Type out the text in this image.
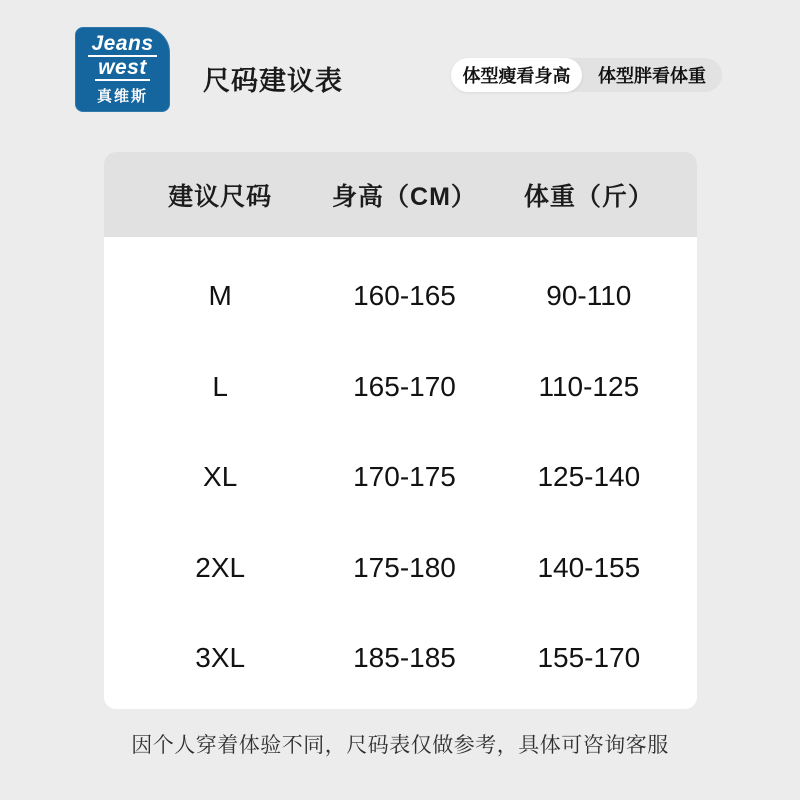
Jeans
west
真维斯
尺码建议表	体型瘦看身高	体型胖看体重
建议尺码	身高（CM）	体重（斤）
M	160-165	90-110
L	165-170	110-125
XL	170-175	125-140
2XL	175-180	140-155
3XL	185-185	155-170
因个人穿着体验不同，尺码表仅做参考，具体可咨询客服
